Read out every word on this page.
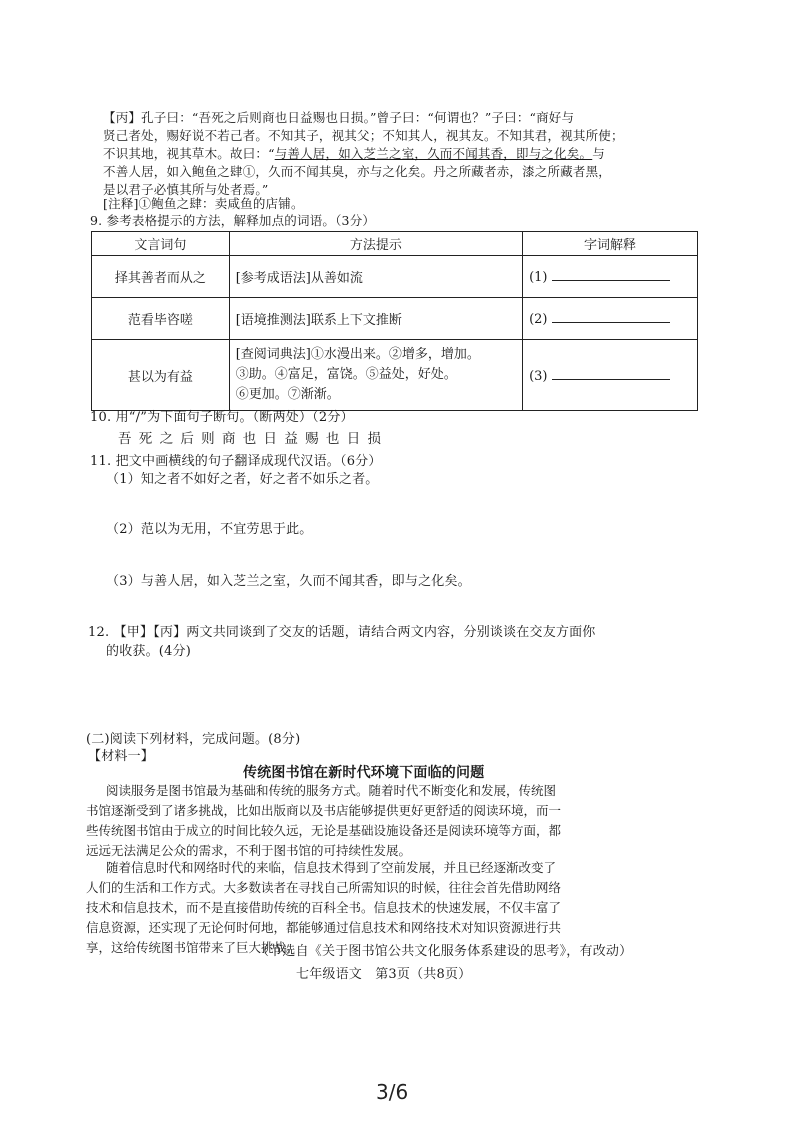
【丙】孔子曰：“吾死之后则商也日益赐也日损。”曾子曰：“何谓也？”子曰：“商好与
贤己者处，赐好说不若己者。不知其子，视其父；不知其人，视其友。不知其君，视其所使；
不识其地，视其草木。故曰：“与善人居，如入芝兰之室，久而不闻其香，即与之化矣。与
不善人居，如入鲍鱼之肆①，久而不闻其臭，亦与之化矣。丹之所藏者赤，漆之所藏者黑，
是以君子必慎其所与处者焉。”
[注释]①鲍鱼之肆：卖咸鱼的店铺。
9. 参考表格提示的方法，解释加点的词语。（3分）
文言词句	方法提示	字词解释
择其善者而从之	[参考成语法]从善如流	(1)
范看毕咨嗟	[语境推测法]联系上下文推断	(2)
甚以为有益	[查阅词典法]①水漫出来。②增多，增加。
③助。④富足，富饶。⑤益处，好处。
⑥更加。⑦渐渐。	(3)
10. 用“/”为下面句子断句。（断两处）（2分）
吾 死 之 后 则 商 也 日 益 赐 也 日 损
11. 把文中画横线的句子翻译成现代汉语。（6分）
（1）知之者不如好之者，好之者不如乐之者。
（2）范以为无用，不宜劳思于此。
（3）与善人居，如入芝兰之室，久而不闻其香，即与之化矣。
12. 【甲】【丙】两文共同谈到了交友的话题，请结合两文内容，分别谈谈在交友方面你
的收获。(4分)
(二)阅读下列材料，完成问题。(8分)
【材料一】
传统图书馆在新时代环境下面临的问题
阅读服务是图书馆最为基础和传统的服务方式。随着时代不断变化和发展，传统图
书馆逐渐受到了诸多挑战，比如出版商以及书店能够提供更好更舒适的阅读环境，而一
些传统图书馆由于成立的时间比较久远，无论是基础设施设备还是阅读环境等方面，都
远远无法满足公众的需求，不利于图书馆的可持续性发展。
随着信息时代和网络时代的来临，信息技术得到了空前发展，并且已经逐渐改变了
人们的生活和工作方式。大多数读者在寻找自己所需知识的时候，往往会首先借助网络
技术和信息技术，而不是直接借助传统的百科全书。信息技术的快速发展，不仅丰富了
信息资源，还实现了无论何时何地，都能够通过信息技术和网络技术对知识资源进行共
享，这给传统图书馆带来了巨大挑战。
（节选自《关于图书馆公共文化服务体系建设的思考》，有改动）
七年级语文　第3页（共8页）
3/6
